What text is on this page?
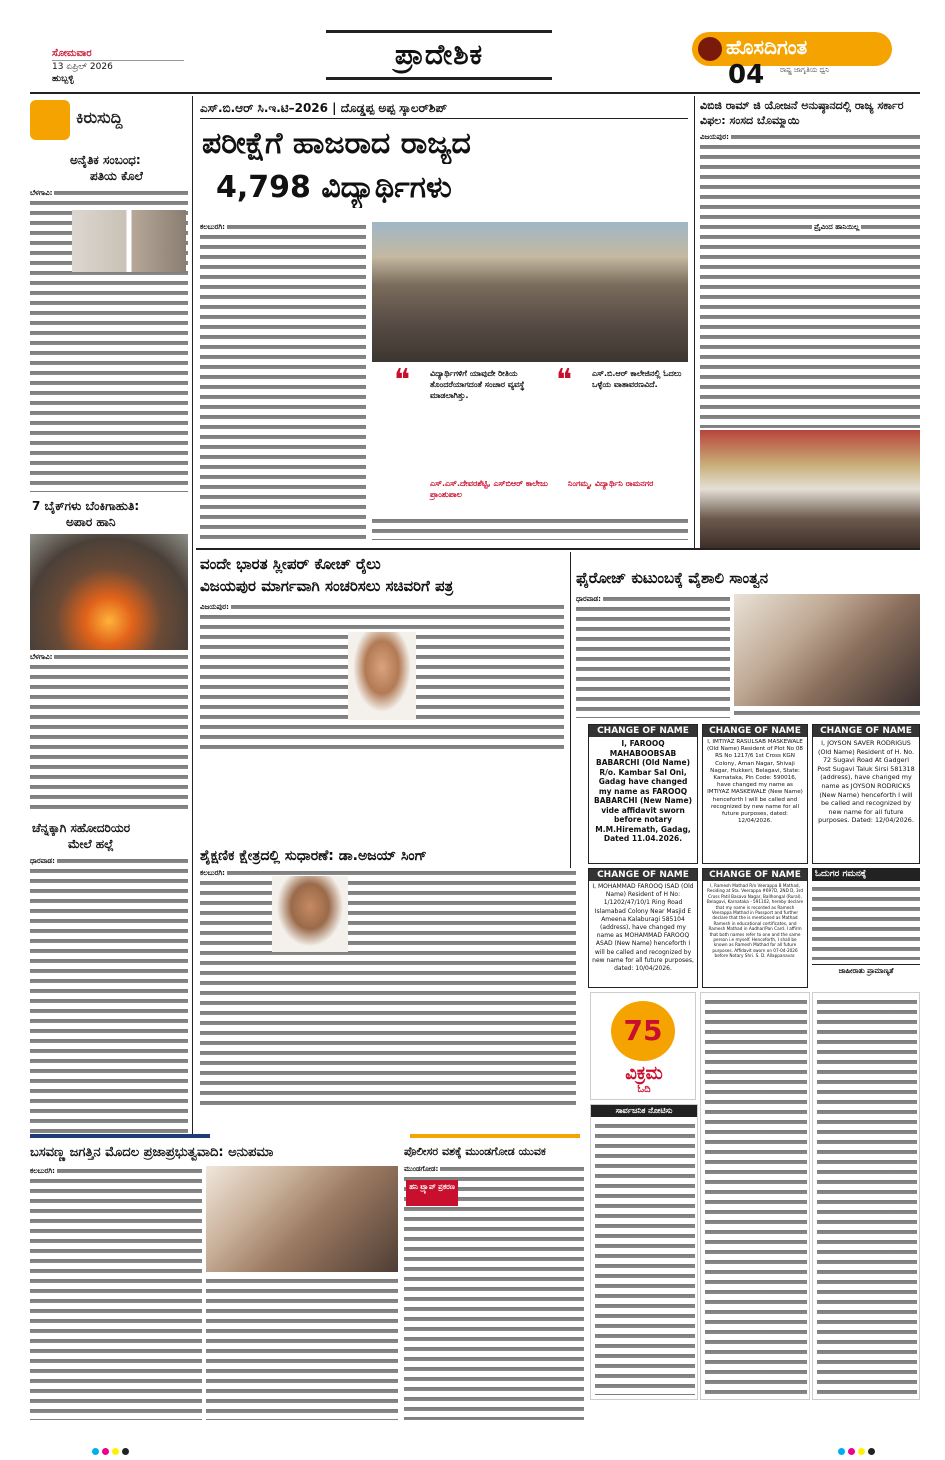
ಸೋಮವಾರ
13 ಏಪ್ರಿಲ್ 2026
ಹುಬ್ಬಳ್ಳಿ
ಪ್ರಾದೇಶಿಕ	ಹೊಸದಿಗಂತ
ರಾಷ್ಟ್ರ ಜಾಗೃತಿಯ ಧ್ವನಿ
04
ಕಿರುಸುದ್ದಿ
ಅನೈತಿಕ ಸಂಬಂಧ:
ಪತಿಯ ಕೊಲೆ
ಬೆಳಗಾವಿ:
7 ಬೈಕ್‌ಗಳು ಬೆಂಕಿಗಾಹುತಿ:
ಅಪಾರ ಹಾನಿ
ಬೆಳಗಾವಿ:
ಚೆನ್ನಕ್ಕಾಗಿ ಸಹೋದರಿಯರ
ಮೇಲೆ ಹಲ್ಲೆ
ಧಾರವಾಡ:
ಎಸ್.ಬಿ.ಆರ್ ಸಿ.ಇ.ಟಿ–2026 | ದೊಡ್ಡಪ್ಪ ಅಪ್ಪ ಸ್ಕಾಲರ್‌ಶಿಪ್
ಪರೀಕ್ಷೆಗೆ ಹಾಜರಾದ ರಾಜ್ಯದ
4,798 ವಿದ್ಯಾರ್ಥಿಗಳು
ಕಲಬುರಗಿ:
❝ ವಿದ್ಯಾರ್ಥಿಗಳಿಗೆ ಯಾವುದೇ ರೀತಿಯ ತೊಂದರೆಯಾಗದಂತೆ ಸಂಚಾರ ವ್ಯವಸ್ಥೆ ಮಾಡಲಾಗಿತ್ತು.
ಎಸ್.ಎಸ್.ದೇವರಶೆಟ್ಟಿ, ಎಸ್‌ಬಿಆರ್ ಕಾಲೇಜು ಪ್ರಾಂಶುಪಾಲ
❝ ಎಸ್.ಬಿ.ಆರ್ ಕಾಲೇಜಿನಲ್ಲಿ ಓದಲು ಒಳ್ಳೆಯ ವಾತಾವರಣವಿದೆ.
ನಿಂಗಮ್ಮ, ವಿದ್ಯಾರ್ಥಿನಿ ರಾಮನಗರ
ವಿಬಿಜಿ ರಾಮ್ ಜಿ ಯೋಜನೆ ಅನುಷ್ಠಾನದಲ್ಲಿ ರಾಜ್ಯ ಸರ್ಕಾರ ವಿಫಲ: ಸಂಸದ ಬೊಮ್ಮಾಯಿ
ವಿಜಯಪುರ:
ಪ್ರೈವಿಂದ ಹಾನಿಯಿಲ್ಲ
ವಂದೇ ಭಾರತ ಸ್ಲೀಪರ್ ಕೋಚ್ ರೈಲು
ವಿಜಯಪುರ ಮಾರ್ಗವಾಗಿ ಸಂಚರಿಸಲು ಸಚಿವರಿಗೆ ಪತ್ರ
ವಿಜಯಪುರ:
ಫೈರೋಜ್ ಕುಟುಂಬಕ್ಕೆ ವೈಶಾಲಿ ಸಾಂತ್ವನ
ಧಾರವಾಡ:
CHANGE OF NAME
I, FAROOQ MAHABOOBSAB BABARCHI (Old Name) R/o. Kambar Sal Oni, Gadag have changed my name as FAROOQ BABARCHI (New Name) vide affidavit sworn before notary M.M.Hiremath, Gadag, Dated 11.04.2026.
CHANGE OF NAME
I, IMTIYAZ RASULSAB MASKEWALE (Old Name) Resident of Plot No 08 RS No 1217/6 1st Cross KGN Colony, Aman Nagar, Shivaji Nagar, Hukkeri, Belagavi, State: Karnataka, Pin Code: 590016, have changed my name as IMTIYAZ MASKEWALE (New Name) henceforth I will be called and recognized by new name for all future purposes, dated: 12/04/2026.
CHANGE OF NAME
I, JOYSON SAVER RODRIGUS (Old Name) Resident of H. No. 72 Sugavi Road At Gadgeri Post Sugavi Taluk Sirsi 581318 (address), have changed my name as JOYSON RODRICKS (New Name) henceforth I will be called and recognized by new name for all future purposes. Dated: 12/04/2026.
CHANGE OF NAME
I, MOHAMMAD FAROOQ ISAD (Old Name) Resident of H No: 1/1202/47/10/1 Ring Road Islamabad Colony Near Masjid E Ameena Kalaburagi 585104 (address), have changed my name as MOHAMMAD FAROOQ ASAD (New Name) henceforth I will be called and recognized by new name for all future purposes, dated: 10/04/2026.
CHANGE OF NAME
I, Ramesh Mathad R/o Veerappa B Mathad, Residing at Sta. Veerappa #697D, 2ND D, 3rd Cross Patil Basava Nagar, Ballhongal (Rural), Belagavi, Karnataka - 591102, hereby declare that my name is recorded as Ramesh Veerappa Mathad in Passport and further declare that the is mentioned as Mathad Ramesh in educational certificates, and Ramesh Mathad in Aadhar/Pan Card. I affirm that both names refer to one and the same person i.e myself. Henceforth, I shall be known as Ramesh Mathad for all future purposes. Affidavit sworn on 07-04-2026 before Notary Shri. S. D. Allappanavar.
ಓದುಗರ ಗಮನಕ್ಕೆ
ಜಾಹೀರಾತು ಪ್ರಾಮಾಣ್ಯತೆ
ಶೈಕ್ಷಣಿಕ ಕ್ಷೇತ್ರದಲ್ಲಿ ಸುಧಾರಣೆ: ಡಾ.ಅಜಯ್ ಸಿಂಗ್
ಕಲಬುರಗಿ:
75
ವಿಕ್ರಮ
ಓದಿ
ಸಾರ್ವಜನಿಕ ನೋಟಿಸು
ಬಸವಣ್ಣ ಜಗತ್ತಿನ ಮೊದಲ ಪ್ರಜಾಪ್ರಭುತ್ವವಾದಿ: ಅನುಪಮಾ
ಕಲಬುರಗಿ:
ಪೊಲೀಸರ ವಶಕ್ಕೆ ಮುಂಡಗೋಡ ಯುವಕ
ಮುಂಡಗೋಡ:
ಹನಿ ಟ್ರ್ಯಾಪ್ ಪ್ರಕರಣ
